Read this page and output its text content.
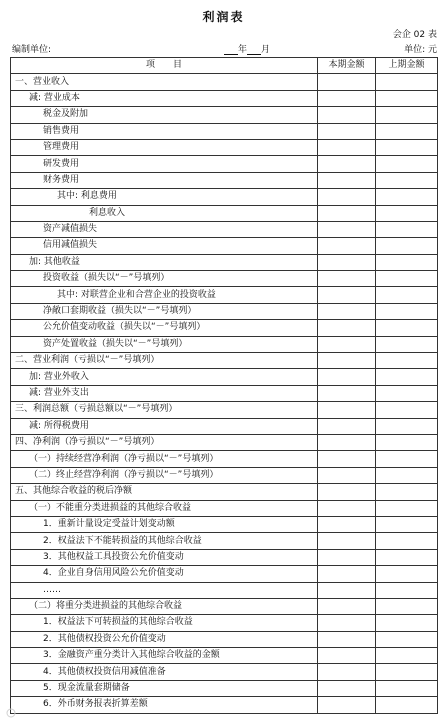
利润表
会企 02 表
编制单位:	年 月	单位: 元
项　　目	本期金额	上期金额
一、营业收入		
减: 营业成本		
税金及附加		
销售费用		
管理费用		
研发费用		
财务费用		
其中: 利息费用		
利息收入		
资产减值损失		
信用减值损失		
加: 其他收益		
投资收益（损失以“－”号填列）		
其中: 对联营企业和合营企业的投资收益		
净敞口套期收益（损失以“－”号填列）		
公允价值变动收益（损失以“－”号填列）		
资产处置收益（损失以“－”号填列）		
二、营业利润（亏损以“－”号填列）		
加: 营业外收入		
减: 营业外支出		
三、利润总额（亏损总额以“－”号填列）		
减: 所得税费用		
四、净利润（净亏损以“－”号填列）		
（一）持续经营净利润（净亏损以“－”号填列）		
（二）终止经营净利润（净亏损以“－”号填列）		
五、其他综合收益的税后净额		
（一）不能重分类进损益的其他综合收益		
1．重新计量设定受益计划变动额		
2．权益法下不能转损益的其他综合收益		
3．其他权益工具投资公允价值变动		
4．企业自身信用风险公允价值变动		
……		
（二）将重分类进损益的其他综合收益		
1．权益法下可转损益的其他综合收益		
2．其他债权投资公允价值变动		
3．金融资产重分类计入其他综合收益的金额		
4．其他债权投资信用减值准备		
5．现金流量套期储备		
6．外币财务报表折算差额		
